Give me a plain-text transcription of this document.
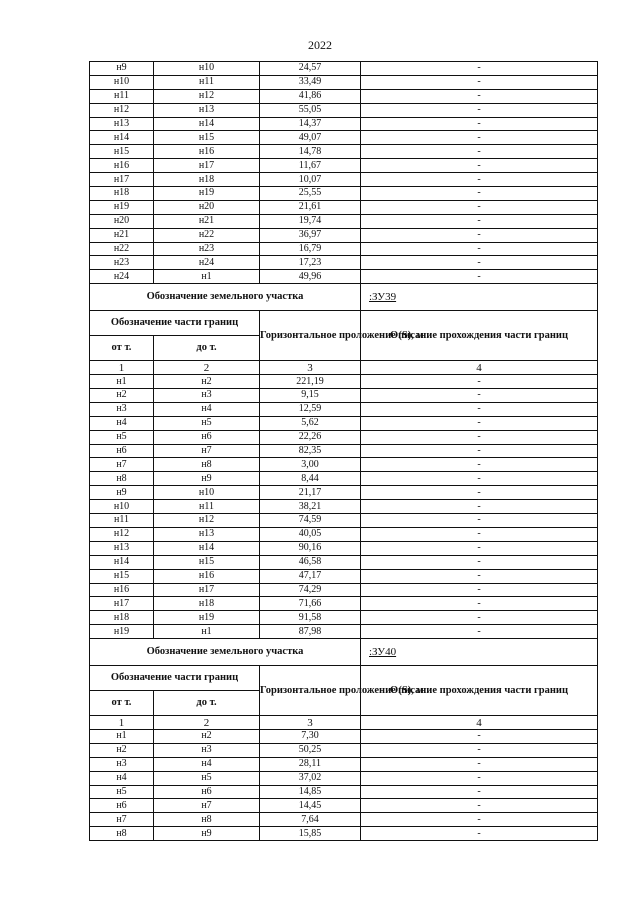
2022
н9	н10	24,57	-
н10	н11	33,49	-
н11	н12	41,86	-
н12	н13	55,05	-
н13	н14	14,37	-
н14	н15	49,07	-
н15	н16	14,78	-
н16	н17	11,67	-
н17	н18	10,07	-
н18	н19	25,55	-
н19	н20	21,61	-
н20	н21	19,74	-
н21	н22	36,97	-
н22	н23	16,79	-
н23	н24	17,23	-
н24	н1	49,96	-
Обозначение земельного участка			:ЗУ39
Обозначение части границ		Горизонтальное проложение (S), м	Описание прохождения части границ
от т.	до т.		
1	2	3	4
н1	н2	221,19	-
н2	н3	9,15	-
н3	н4	12,59	-
н4	н5	5,62	-
н5	н6	22,26	-
н6	н7	82,35	-
н7	н8	3,00	-
н8	н9	8,44	-
н9	н10	21,17	-
н10	н11	38,21	-
н11	н12	74,59	-
н12	н13	40,05	-
н13	н14	90,16	-
н14	н15	46,58	-
н15	н16	47,17	-
н16	н17	74,29	-
н17	н18	71,66	-
н18	н19	91,58	-
н19	н1	87,98	-
Обозначение земельного участка			:ЗУ40
Обозначение части границ		Горизонтальное проложение (S), м	Описание прохождения части границ
от т.	до т.		
1	2	3	4
н1	н2	7,30	-
н2	н3	50,25	-
н3	н4	28,11	-
н4	н5	37,02	-
н5	н6	14,85	-
н6	н7	14,45	-
н7	н8	7,64	-
н8	н9	15,85	-
